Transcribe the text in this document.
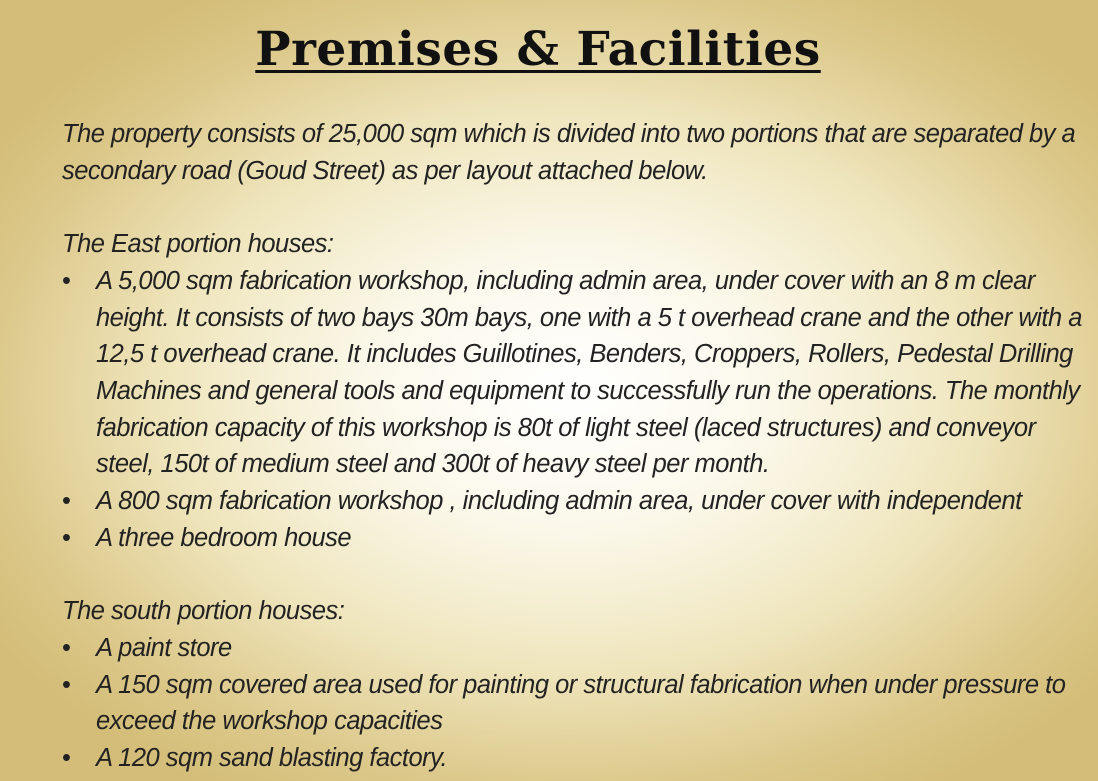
Premises & Facilities

The property consists of 25,000 sqm which is divided into two portions that are separated by a secondary road (Goud Street) as per layout attached below.

The East portion houses:

• A 5,000 sqm fabrication workshop, including admin area, under cover with an 8 m clear height. It consists of two bays 30m bays, one with a 5 t overhead crane and the other with a 12,5 t overhead crane. It includes Guillotines, Benders, Croppers, Rollers, Pedestal Drilling Machines and general tools and equipment to successfully run the operations. The monthly fabrication capacity of this workshop is 80t of light steel (laced structures) and conveyor steel, 150t of medium steel and 300t of heavy steel per month.
• A 800 sqm fabrication workshop , including admin area, under cover with independent
• A three bedroom house

The south portion houses:

• A paint store
• A 150 sqm covered area used for painting or structural fabrication when under pressure to exceed the workshop capacities
• A 120 sqm sand blasting factory.
